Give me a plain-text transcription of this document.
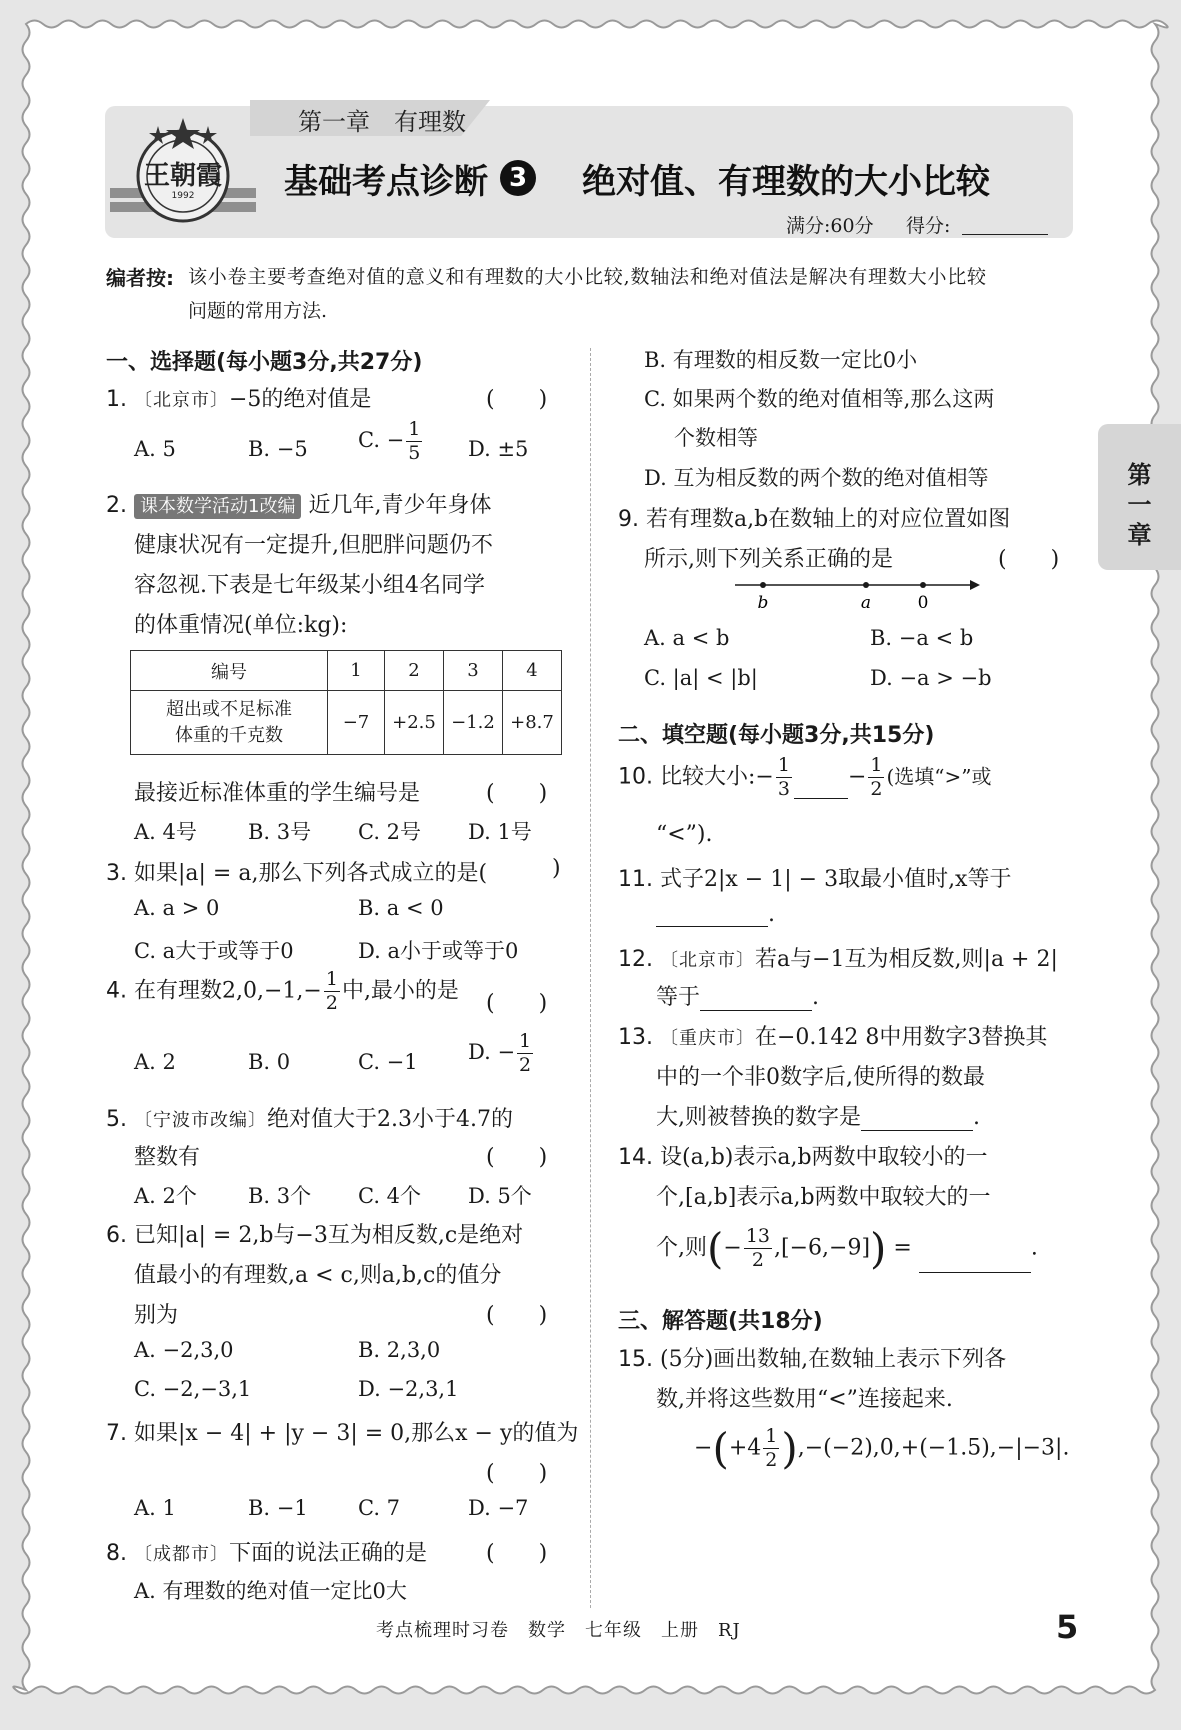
第一章　有理数
王朝霞
1992	基础考点诊断 3 绝对值、有理数的大小比较
满分:60分 得分:
第
一
章
编者按: 该小卷主要考查绝对值的意义和有理数的大小比较,数轴法和绝对值法是解决有理数大小比较
问题的常用方法.
一、选择题(每小题3分,共27分)
1. 〔北京市〕−5的绝对值是	(　　)
A. 5	B. −5 C. − $\frac{1}{5} D$. ±5
2. 课本数学活动1改编 近几年,青少年身体
健康状况有一定提升,但肥胖问题仍不
容忽视.下表是七年级某小组4名同学
的体重情况(单位:kg):
编号	1	2	3	4

超出或不足标准
体重的千克数	−7	+2.5	−1.2	+8.7
最接近标准体重的学生编号是	(　　)
A. 4号 B. 3号 C. 2号 D. 1号
3. 如果|a| = a,那么下列各式成立的是(	)
A. a > 0	B. a < 0
C. a大于或等于0	D. a小于或等于0
4. 在有理数$2,0,-1,- \frac{1}{2}$ 中,最小的是 (　　)
A. 2	B. 0	C. −1 D. − $\frac{1}{2}$
5. 〔宁波市改编〕绝对值大于2.3小于4.7的
整数有	(　　)
A. 2个 B. 3个 C. 4个 D. 5个
6. 已知|a| = 2,b与−3互为相反数,c是绝对
值最小的有理数,a < c,则a,b,c的值分
别为	(　　)
A. −2,3,0	B. 2,3,0
C. −2,−3,1	D. −2,3,1
7. 如果|x − 4| + |y − 3| = 0,那么x − y的值为
(　　)
A. 1	B. −1 C. 7	D. −7
8. 〔成都市〕下面的说法正确的是	(　　)
A. 有理数的绝对值一定比0大
B. 有理数的相反数一定比0小
C. 如果两个数的绝对值相等,那么这两
个数相等
D. 互为相反数的两个数的绝对值相等
9. 若有理数a,b在数轴上的对应位置如图
所示,则下列关系正确的是	(　　)
b	a	0
A. a < b	B. −a < b
C. |a| < |b|	D. −a > −b
二、填空题(每小题3分,共15分)
10. 比较大小:− $\frac{1}{3}$	− $\frac{1}{2}$ (选填“>”或
“<”).
11. 式子2|x − 1| − 3取最小值时,x等于
.
12. 〔北京市〕若a与−1互为相反数,则|a + 2|
等于	.
13. 〔重庆市〕在−0.142 8中用数字3替换其
中的一个非0数字后,使所得的数最
大,则被替换的数字是	.
14. 设(a,b)表示a,b两数中取较小的一
个,[a,b]表示a,b两数中取较大的一
个,则(− $\frac{13}{2} ,[-6,-9]$) =	.
三、解答题(共18分)
15. (5分)画出数轴,在数轴上表示下列各
数,并将这些数用“<”连接起来.
$-(+4 \frac{1}{2} ),-(-2),0,+(-1.5),-|-3|$.
考点梳理时习卷　数学　七年级　上册　RJ	5
